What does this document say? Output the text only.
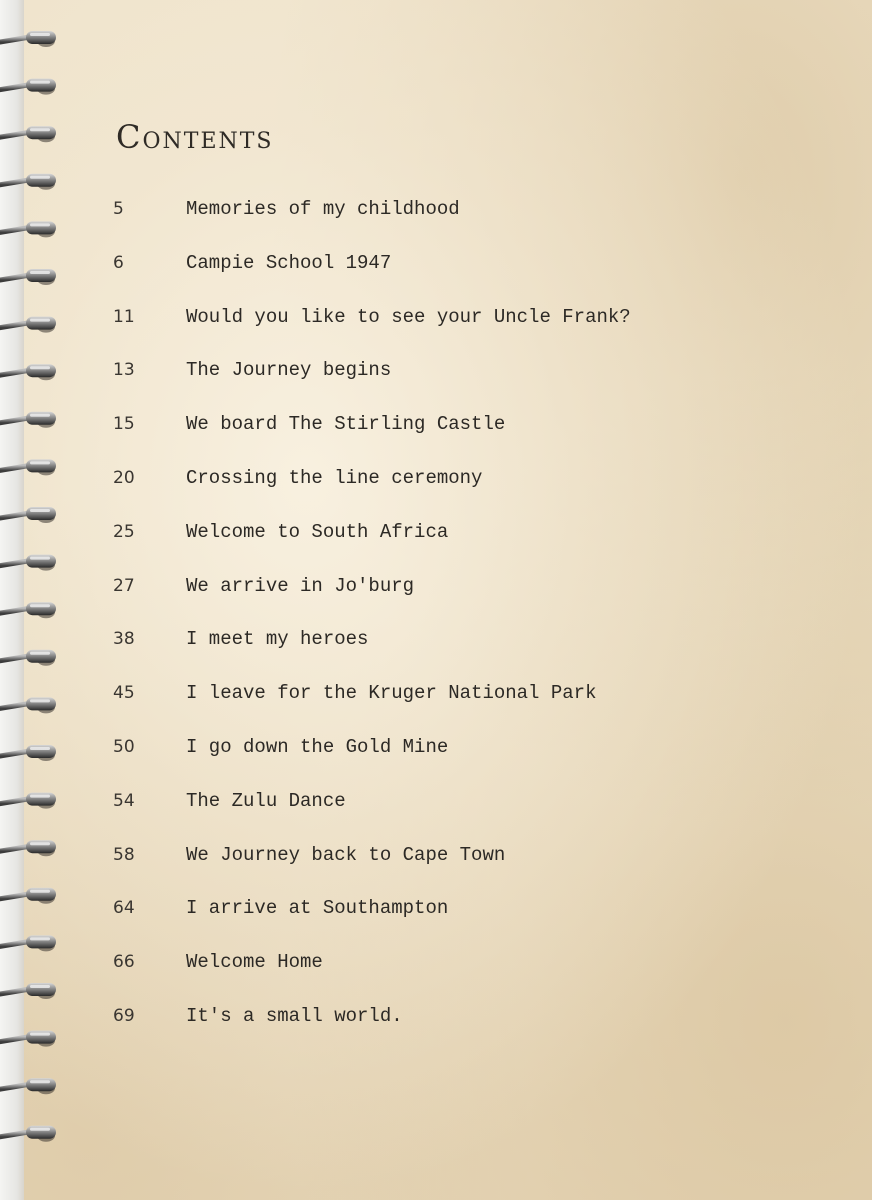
Contents
5	Memories of my childhood
6	Campie School 1947
11	Would you like to see your Uncle Frank?
13	The Journey begins
15	We board The Stirling Castle
20	Crossing the line ceremony
25	Welcome to South Africa
27	We arrive in Jo'burg
38	I meet my heroes
45	I leave for the Kruger National Park
50	I go down the Gold Mine
54	The Zulu Dance
58	We Journey back to Cape Town
64	I arrive at Southampton
66	Welcome Home
69	It's a small world.
